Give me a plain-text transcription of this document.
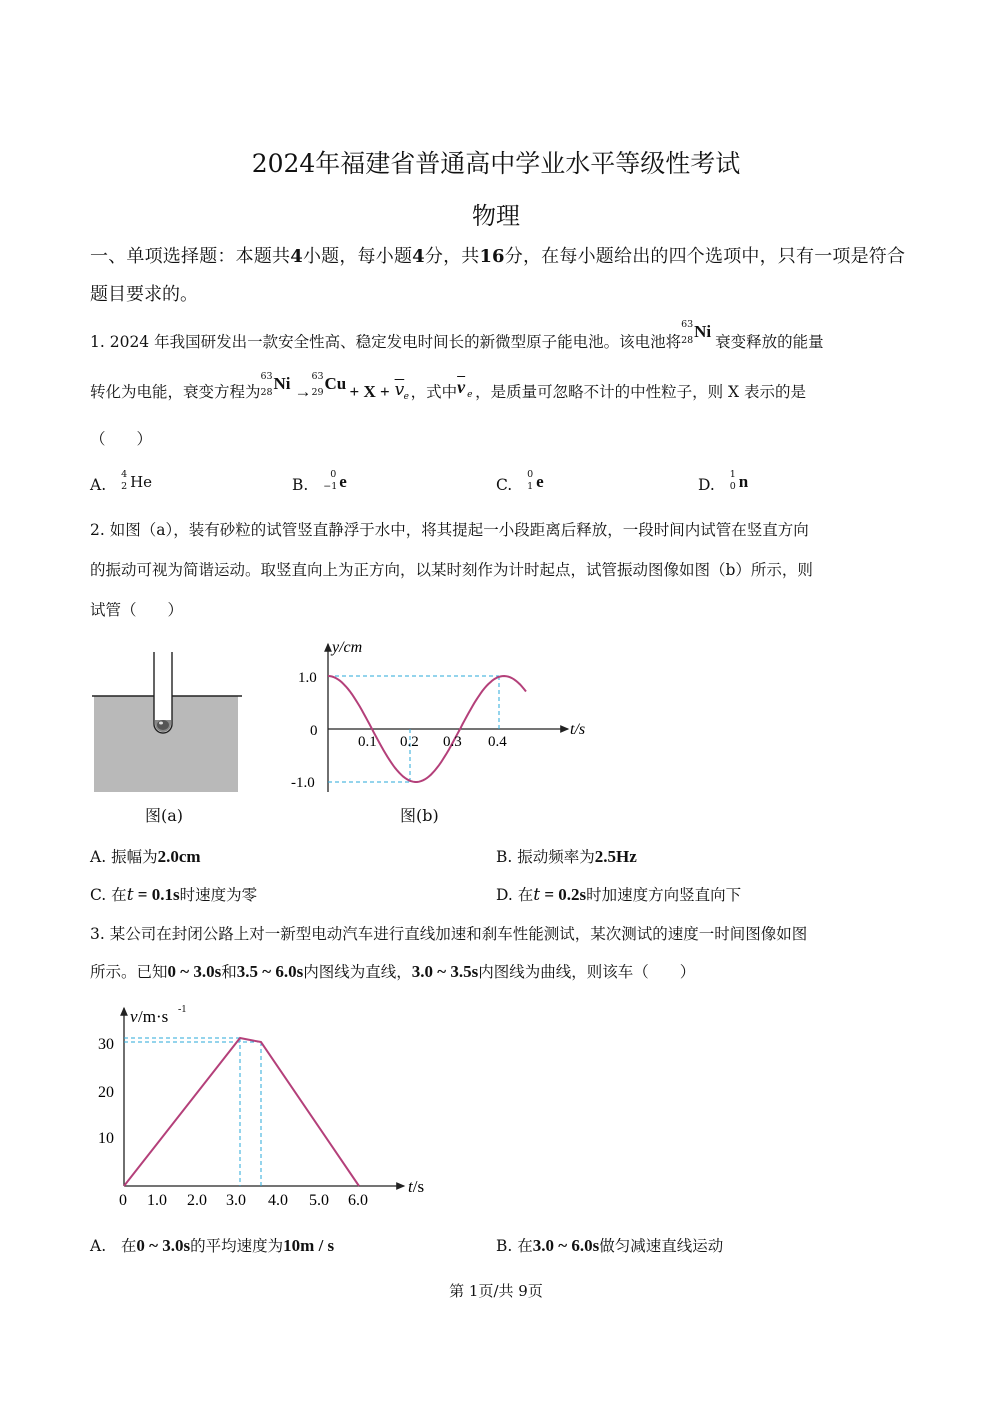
2024年福建省普通高中学业水平等级性考试
物理
一、单项选择题：本题共4小题，每小题4分，共16分，在每小题给出的四个选项中，只有一项是符合题目要求的。
1. 2024 年我国研发出一款安全性高、稳定发电时间长的新微型原子能电池。该电池将
63
28 Ni
衰变释放的能量
转化为电能，衰变方程为
63
28 Ni →
63
29 $Cu + X + \overline{v}$ e ，式中 $\overline{v}$ e ，是质量可忽略不计的中性粒子，则 X 表示的是
（　　）
A.
4
2 He	B.
0
−1 e	C.
0
1 e	D.
1
0 n
2. 如图（a），装有砂粒的试管竖直静浮于水中，将其提起一小段距离后释放，一段时间内试管在竖直方向
的振动可视为简谐运动。取竖直向上为正方向，以某时刻作为计时起点，试管振动图像如图（b）所示，则
试管（　　）
图(a)
y/cm
t/s
1.0
0
-1.0
0.1 0.2 0.3 0.4
图(b)
A. 振幅为2.0cm	B. 振动频率为2.5Hz
C. 在t = 0.1s时速度为零	D. 在t = 0.2s时加速度方向竖直向下
3. 某公司在封闭公路上对一新型电动汽车进行直线加速和刹车性能测试，某次测试的速度一时间图像如图
所示。已知0 ~ 3.0s和3.5 ~ 6.0s内图线为直线，3.0 ~ 3.5s内图线为曲线，则该车（　　）
v /m·s -1
t/s
30
20
10
0 1.0 2.0 3.0 4.0 5.0 6.0
A. 在0 ~ 3.0s的平均速度为10m / s	B. 在3.0 ~ 6.0s做匀减速直线运动
第 1页/共 9页
